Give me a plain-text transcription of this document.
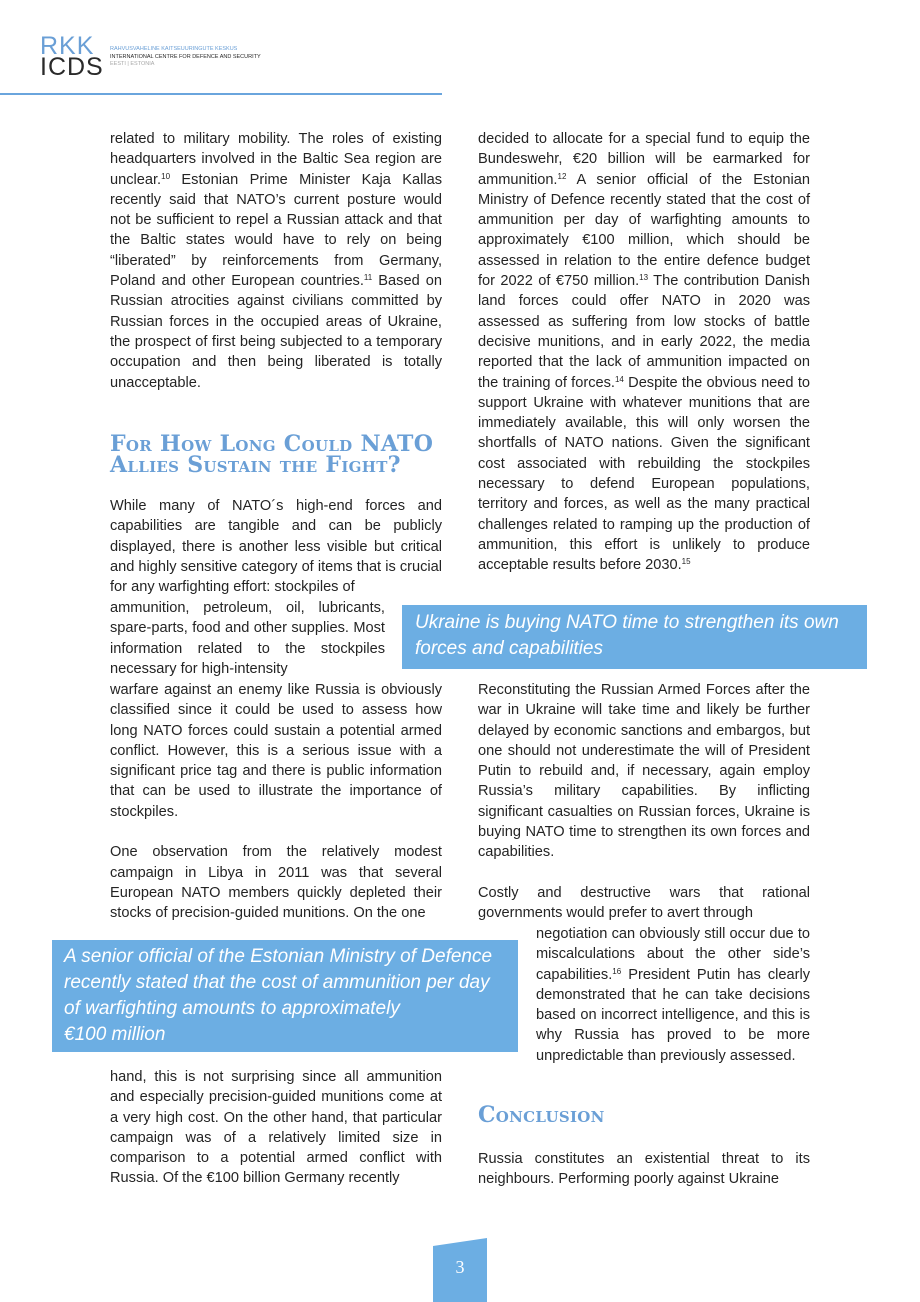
RKK
ICDS
RAHVUSVAHELINE KAITSEUURINGUTE KESKUS
INTERNATIONAL CENTRE FOR DEFENCE AND SECURITY
EESTI | ESTONIA

related to military mobility. The roles of existing headquarters involved in the Baltic Sea region are unclear.$^{10}$ Estonian Prime Minister Kaja Kallas recently said that NATO’s current posture would not be sufficient to repel a Russian attack and that the Baltic states would have to rely on being “liberated” by reinforcements from Germany, Poland and other European countries.$^{11}$ Based on Russian atrocities against civilians committed by Russian forces in the occupied areas of Ukraine, the prospect of first being subjected to a temporary occupation and then being liberated is totally unacceptable.

For How Long Could NATO
Allies Sustain the Fight?

While many of NATO´s high-end forces and capabilities are tangible and can be publicly displayed, there is another less visible but critical and highly sensitive category of items that is crucial for any warfighting effort: stockpiles of

ammunition, petroleum, oil, lubricants, spare-parts, food and other supplies. Most information related to the stockpiles necessary for high-intensity

warfare against an enemy like Russia is obviously classified since it could be used to assess how long NATO forces could sustain a potential armed conflict. However, this is a serious issue with a significant price tag and there is public information that can be used to illustrate the importance of stockpiles.

One observation from the relatively modest campaign in Libya in 2011 was that several European NATO members quickly depleted their stocks of precision-guided munitions. On the one

hand, this is not surprising since all ammunition and especially precision-guided munitions come at a very high cost. On the other hand, that particular campaign was of a relatively limited size in comparison to a potential armed conflict with Russia. Of the €100 billion Germany recently

decided to allocate for a special fund to equip the Bundeswehr, €20 billion will be earmarked for ammunition.$^{12}$ A senior official of the Estonian Ministry of Defence recently stated that the cost of ammunition per day of warfighting amounts to approximately €100 million, which should be assessed in relation to the entire defence budget for 2022 of €750 million.$^{13}$ The contribution Danish land forces could offer NATO in 2020 was assessed as suffering from low stocks of battle decisive munitions, and in early 2022, the media reported that the lack of ammunition impacted on the training of forces.$^{14}$ Despite the obvious need to support Ukraine with whatever munitions that are immediately available, this will only worsen the shortfalls of NATO nations. Given the significant cost associated with rebuilding the stockpiles necessary to defend European populations, territory and forces, as well as the many practical challenges related to ramping up the production of ammunition, this effort is unlikely to produce acceptable results before 2030.15

Reconstituting the Russian Armed Forces after the war in Ukraine will take time and likely be further delayed by economic sanctions and embargos, but one should not underestimate the will of President Putin to rebuild and, if necessary, again employ Russia’s military capabilities. By inflicting significant casualties on Russian forces, Ukraine is buying NATO time to strengthen its own forces and capabilities.

Costly and destructive wars that rational governments would prefer to avert through

negotiation can obviously still occur due to miscalculations about the other side’s capabilities.$^{16}$ President Putin has clearly demonstrated that he can take decisions based on incorrect intelligence, and this is why Russia has proved to be more unpredictable than previously assessed.

Conclusion

Russia constitutes an existential threat to its neighbours. Performing poorly against Ukraine

Ukraine is buying NATO time to strengthen its own
forces and capabilities
A senior official of the Estonian Ministry of Defence
recently stated that the cost of ammunition per day
of warfighting amounts to approximately
€100 million
3
